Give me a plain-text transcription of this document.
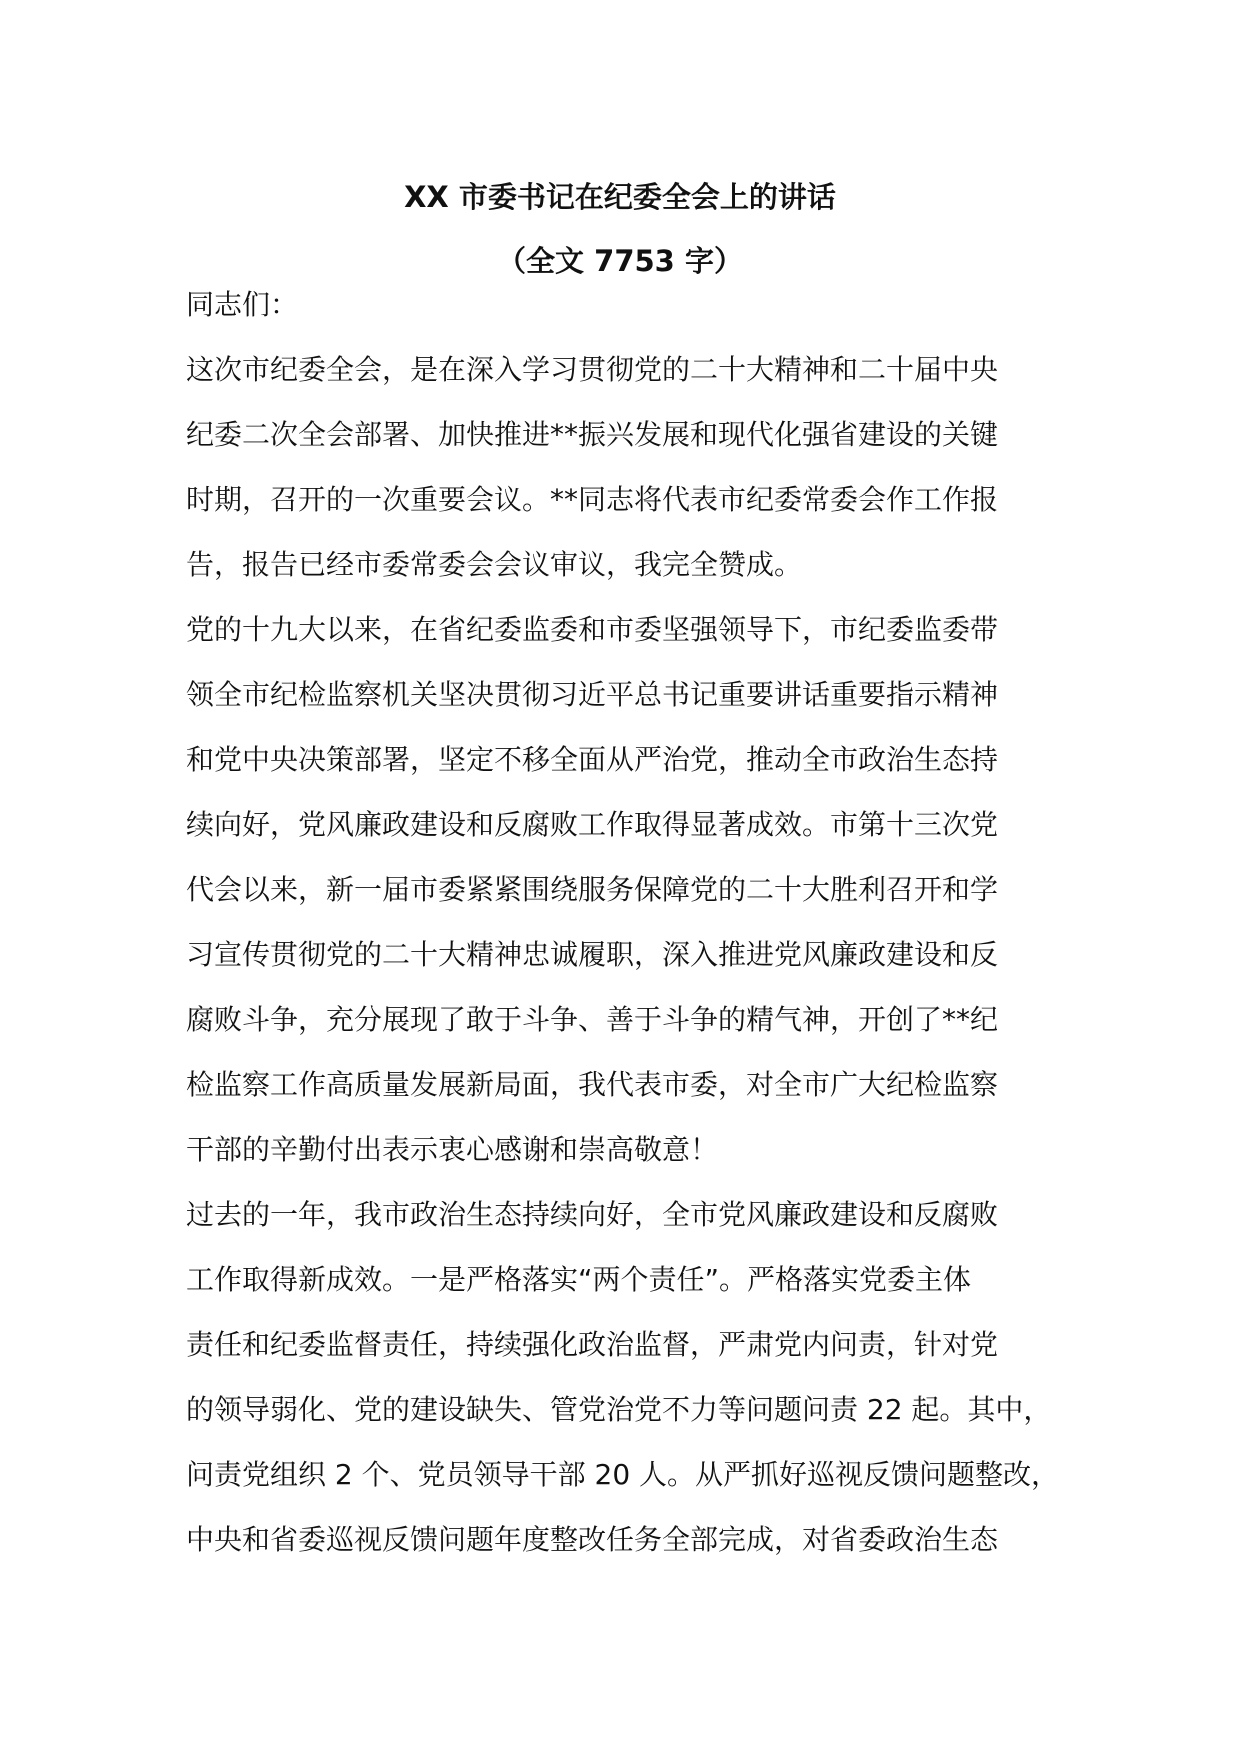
XX 市委书记在纪委全会上的讲话
（全文 7753 字）
同志们：
这次市纪委全会，是在深入学习贯彻党的二十大精神和二十届中央
纪委二次全会部署、加快推进**振兴发展和现代化强省建设的关键
时期，召开的一次重要会议。**同志将代表市纪委常委会作工作报
告，报告已经市委常委会会议审议，我完全赞成。
党的十九大以来，在省纪委监委和市委坚强领导下，市纪委监委带
领全市纪检监察机关坚决贯彻习近平总书记重要讲话重要指示精神
和党中央决策部署，坚定不移全面从严治党，推动全市政治生态持
续向好，党风廉政建设和反腐败工作取得显著成效。市第十三次党
代会以来，新一届市委紧紧围绕服务保障党的二十大胜利召开和学
习宣传贯彻党的二十大精神忠诚履职，深入推进党风廉政建设和反
腐败斗争，充分展现了敢于斗争、善于斗争的精气神，开创了**纪
检监察工作高质量发展新局面，我代表市委，对全市广大纪检监察
干部的辛勤付出表示衷心感谢和崇高敬意！
过去的一年，我市政治生态持续向好，全市党风廉政建设和反腐败
工作取得新成效。一是严格落实“两个责任”。严格落实党委主体
责任和纪委监督责任，持续强化政治监督，严肃党内问责，针对党
的领导弱化、党的建设缺失、管党治党不力等问题问责 22 起。其中，
问责党组织 2 个、党员领导干部 20 人。从严抓好巡视反馈问题整改，
中央和省委巡视反馈问题年度整改任务全部完成，对省委政治生态
